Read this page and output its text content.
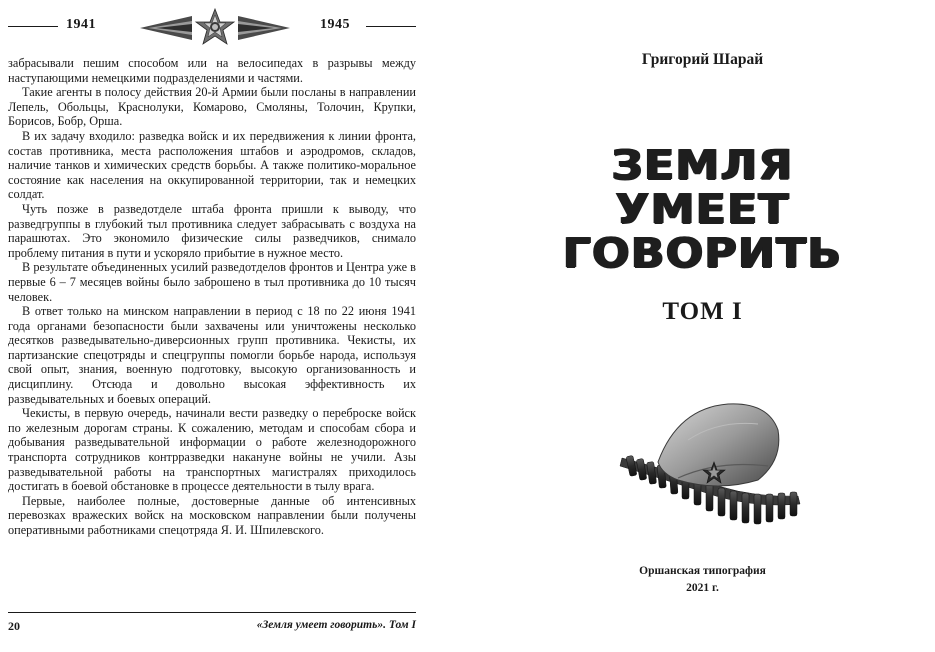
1941	1945

забрасывали пешим способом или на велосипедах в разрывы между наступающими немецкими подразделениями и частями.

Такие агенты в полосу действия 20-й Армии были посланы в направлении Лепель, Обольцы, Краснолуки, Комарово, Смоляны, Толочин, Крупки, Борисов, Бобр, Орша.

В их задачу входило: разведка войск и их передвижения к линии фронта, состав противника, места расположения штабов и аэродромов, складов, наличие танков и химических средств борьбы. А также политико-моральное состояние как населения на оккупированной территории, так и немецких солдат.

Чуть позже в разведотделе штаба фронта пришли к выводу, что разведгруппы в глубокий тыл противника следует забрасывать с воздуха на парашютах. Это экономило физические силы разведчиков, снимало проблему питания в пути и ускоряло прибытие в нужное место.

В результате объединенных усилий разведотделов фронтов и Центра уже в первые 6 – 7 месяцев войны было заброшено в тыл противника до 10 тысяч человек.

В ответ только на минском направлении в период с 18 по 22 июня 1941 года органами безопасности были захвачены или уничтожены несколько десятков разведывательно-диверсионных групп противника. Чекисты, их партизанские спецотряды и спецгруппы помогли борьбе народа, используя свой опыт, знания, военную подготовку, высокую организованность и дисциплину. Отсюда и довольно высокая эффективность их разведывательных и боевых операций.

Чекисты, в первую очередь, начинали вести разведку о переброске войск по железным дорогам страны. К сожалению, методам и способам сбора и добывания разведывательной информации о работе железнодорожного транспорта сотрудников контрразведки накануне войны не учили. Азы разведывательной работы на транспортных магистралях приходилось достигать в боевой обстановке в процессе деятельности в тылу врага.

Первые, наиболее полные, достоверные данные об интенсивных перевозках вражеских войск на московском направлении были получены оперативными работниками спецотряда Я. И. Шпилевского.

20	«Земля умеет говорить». Том I
Григорий Шарай
ЗЕМЛЯ
УМЕЕТ
ГОВОРИТЬ
ТОМ I
Оршанская типография
2021 г.
